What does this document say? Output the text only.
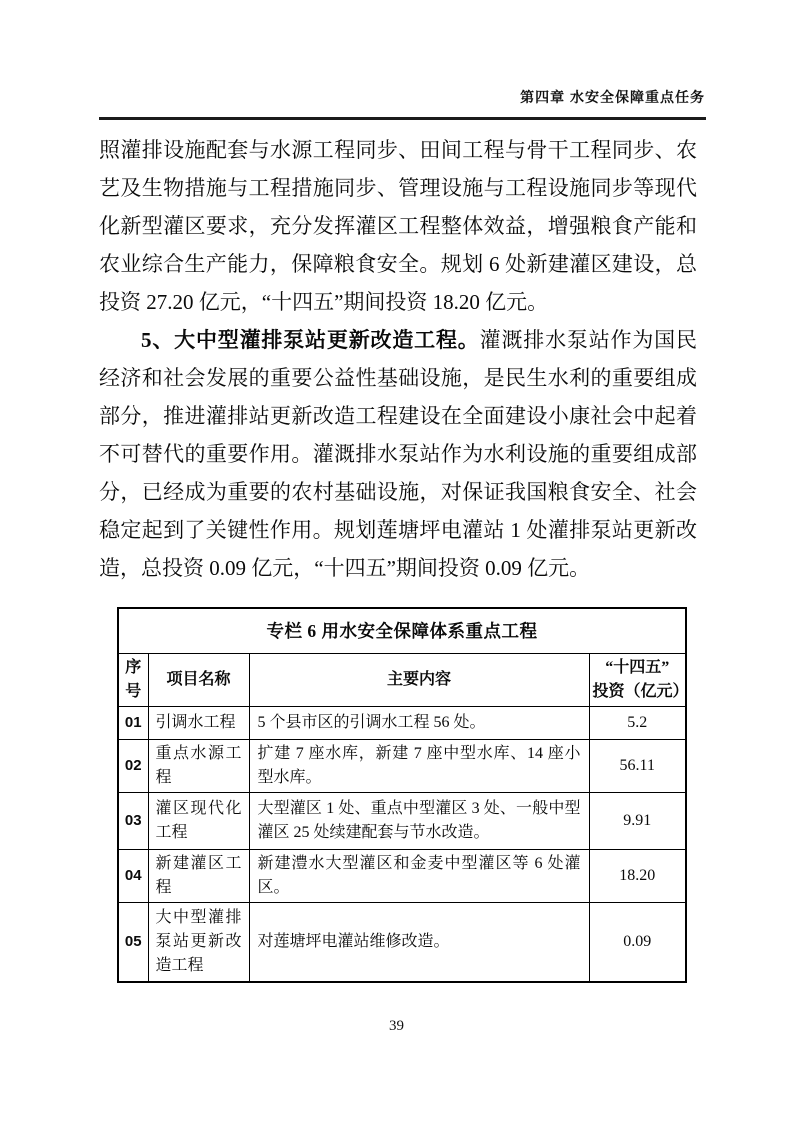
第四章 水安全保障重点任务

照灌排设施配套与水源工程同步、田间工程与骨干工程同步、农艺及生物措施与工程措施同步、管理设施与工程设施同步等现代化新型灌区要求，充分发挥灌区工程整体效益，增强粮食产能和农业综合生产能力，保障粮食安全。规划 6 处新建灌区建设，总投资 27.20 亿元，“十四五”期间投资 18.20 亿元。

5、大中型灌排泵站更新改造工程。灌溉排水泵站作为国民经济和社会发展的重要公益性基础设施，是民生水利的重要组成部分，推进灌排站更新改造工程建设在全面建设小康社会中起着不可替代的重要作用。灌溉排水泵站作为水利设施的重要组成部分，已经成为重要的农村基础设施，对保证我国粮食安全、社会稳定起到了关键性作用。规划莲塘坪电灌站 1 处灌排泵站更新改造，总投资 0.09 亿元，“十四五”期间投资 0.09 亿元。

专栏 6 用水安全保障体系重点工程			
序号	项目名称	主要内容	“十四五”
投资（亿元）
01	引调水工程	5 个县市区的引调水工程 56 处。	5.2
02	重点水源工程	扩建 7 座水库，新建 7 座中型水库、14 座小型水库。	56.11
03	灌区现代化工程	大型灌区 1 处、重点中型灌区 3 处、一般中型灌区 25 处续建配套与节水改造。	9.91
04	新建灌区工程	新建澧水大型灌区和金麦中型灌区等 6 处灌区。	18.20
05	大中型灌排泵站更新改造工程	对莲塘坪电灌站维修改造。	0.09
39
